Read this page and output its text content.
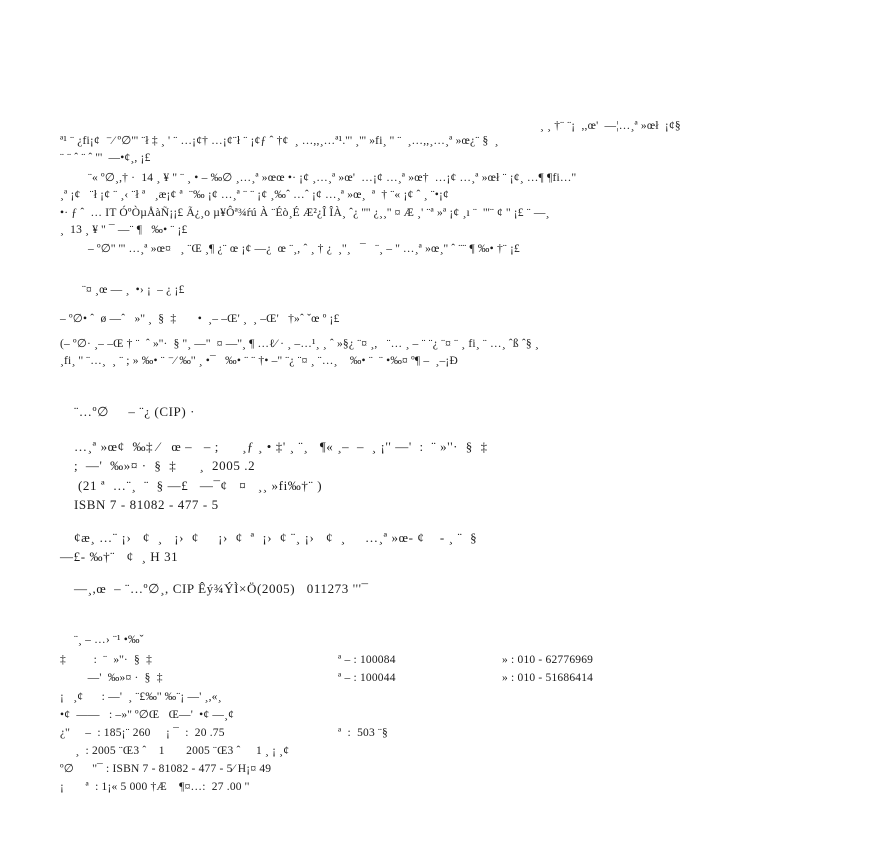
¸ ¸ †¨ ¨¡  ,,œ'  —¦…¸ª »œł  ¡¢§
ª¹ ¨ ¿fi¡¢  ⁻⁄ º∅''' ¨ł ‡ ¸ ' ¨ …¡¢† …¡¢¨ł ¨ ¡¢ƒ ˆ †¢  ¸ …,,¸…ª¹.''' ¸''' »fi¸ '' ¨  ¸…,,¸…¸ª »œ¿¨ §  ¸
¨ ¨ ˆ ¨ ˆ '''  —•¢¸, ¡£
¨« º∅¸,† ·  14 ¸ ¥ '' ¨ ¸ • – ‰∅ ¸…¸ª »œœ •· ¡¢ ¸…¸ª »œ'  …¡¢ …¸ª »œ†  …¡¢ …¸ª »œł ¨ ¡¢¸ …¶ ¶fi…''
¸ª ¡¢   ¨ł ¡¢ ¨ ¸‹ ¨ł ª   ¸æ¡¢ ª  ¨‰ ¡¢ …¸ª ¨ ¨ ¡¢ ¸‰ˆ …ˆ ¡¢ …¸ª »œ¸  ª  † ¨« ¡¢ ˆ ¸ ¨•¡¢
•· ƒ ˆ  … IT ÓºÒµÅàÑ¡¡£ Ã¿¸o µ¥Ôª¾ŕú À ¨Éò¸É Æ²¿Î ÎÀ¸ ˆ¿ '''' ¿¸¸'' ¤ Æ ¸' ¨ª »ª ¡¢ ¸ı ¨  '''¨ ¢ '' ¡£ ¨ —¸
¸  13 ¸ ¥ '' ¯ —¨ ¶   ‰• ¨ ¡£
– º∅'' ''' …¸ª »œ¤   ¸ ¨Œ ¸¶ ¿¨ œ ¡¢ —¿  œ ¨¸, ˆ ¸ † ¿  ¸''¸   ¯   ¨¸ – '' …¸ª »œ¸'' ˆ ¨¨ ¶ ‰• †¨ ¡£
¨¤ ¸œ — ¸  •› ¡  – ¿ ¡£
– º∅• ˆ  ø —ˆ   »'' ¸  §  ‡       •  ¸– –Œ' ¸  ¸ –Œ'   †»ˆ ˇœ º ¡£
(– º∅· ¸– –Œ † ¨  ˆ »''·  § ''¸ —''  ¤ —''¸ ¶ …ℓ⁄ · ¸ –…¹¸ ¸ ˆ »§¿ ¨¤ ¸,   ¨… ¸ – ¨ ¨¿ ¨¤ ¨ ¸ fi¸ ¨ …¸ ˆß ˆ§ ¸
¸fi¸ '' ¨…¸  ¸ ¨ ; » ‰• ¨ ⁻⁄ ‰'' ¸ •¯   ‰• ¨ ¨ †• –'' ¨¿ ¨¤ ¸ ¨…¸    ‰• ¨  ¨ •‰¤ º¶ –  ¸–¡Ð
¨…º∅     – ¨¿ (CIP) ·
…¸ª »œ¢  ‰‡ ⁄   œ –   – ;      ¸ƒ ¸ • ‡' ¸ ¨¸   ¶« ¸–  –  ¸ ¡'' —'  :  ¨ »''·  §  ‡
;  —'  ‰»¤ ·  §  ‡      ¸  2005 .2
(21 ª  …¨¸  ¨  § —£   —¯¢   ¤   ¸¸ »fi‰†¨ )
ISBN 7 - 81082 - 477 - 5
¢æ¸ …¨ ¡›   ¢  ¸   ¡›  ¢     ¡›  ¢  ª  ¡›  ¢ ¨¸ ¡›   ¢  ¸     …¸ª »œ- ¢    - ¸ ¨  §
—£- ‰†¨   ¢  ¸ H 31
—¸,œ  – ¨…º∅¸, CIP Êý¾ÝÌ×Ö(2005)   011273 '''¯
¨¸ – …› ¨¹ •‰ˇ
‡         :  ¨  »''·  §  ‡	ª – : 100084	» : 010 - 62776969
—'  ‰»¤ ·  §  ‡	ª – : 100044	» : 010 - 51686414
¡   ¸¢      : —'  ¸ ¨£‰'' ‰¨¡ —' ¸,«¸
•¢  ——   : –»'' º∅Œ   Œ—'  •¢ —¸¢
¿''     –  : 185¡¨ 260     ¡ ¯  :  20 .75	ª  :  503 ¨§
¸  : 2005 ¨Œ3 ˆ    1       2005 ¨Œ3 ˆ     1 ¸ ¡ ¸¢
º∅      ''¯ : ISBN 7 - 81082 - 477 - 5⁄ H¡¤ 49
¡       ª  : 1¡« 5 000 †Æ    ¶¤…:  27 .00 ''
